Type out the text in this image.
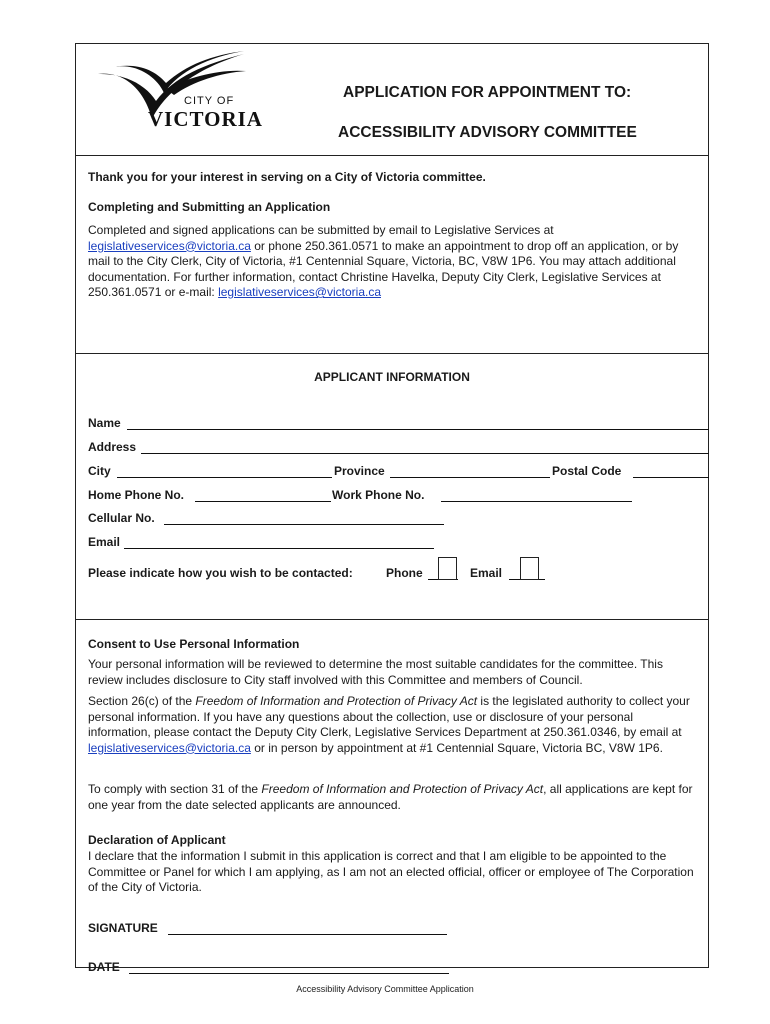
CITY OF
VICTORIA
APPLICATION FOR APPOINTMENT TO:
ACCESSIBILITY ADVISORY COMMITTEE

Thank you for your interest in serving on a City of Victoria committee.

Completing and Submitting an Application

Completed and signed applications can be submitted by email to Legislative Services at legislativeservices@victoria.ca or phone 250.361.0571 to make an appointment to drop off an application, or by mail to the City Clerk, City of Victoria, #1 Centennial Square, Victoria, BC, V8W 1P6. You may attach additional documentation. For further information, contact Christine Havelka, Deputy City Clerk, Legislative Services at 250.361.0571 or e-mail: legislativeservices@victoria.ca

APPLICANT INFORMATION
Name
Address
City	Province	Postal Code
Home Phone No.	Work Phone No.
Cellular No.
Email
Please indicate how you wish to be contacted:	Phone	Email

Consent to Use Personal Information

Your personal information will be reviewed to determine the most suitable candidates for the committee. This review includes disclosure to City staff involved with this Committee and members of Council.

Section 26(c) of the Freedom of Information and Protection of Privacy Act is the legislated authority to collect your personal information. If you have any questions about the collection, use or disclosure of your personal information, please contact the Deputy City Clerk, Legislative Services Department at 250.361.0346, by email at legislativeservices@victoria.ca or in person by appointment at #1 Centennial Square, Victoria BC, V8W 1P6.

To comply with section 31 of the Freedom of Information and Protection of Privacy Act, all applications are kept for one year from the date selected applicants are announced.

Declaration of Applicant

I declare that the information I submit in this application is correct and that I am eligible to be appointed to the Committee or Panel for which I am applying, as I am not an elected official, officer or employee of The Corporation of the City of Victoria.

SIGNATURE
DATE
Accessibility Advisory Committee Application
